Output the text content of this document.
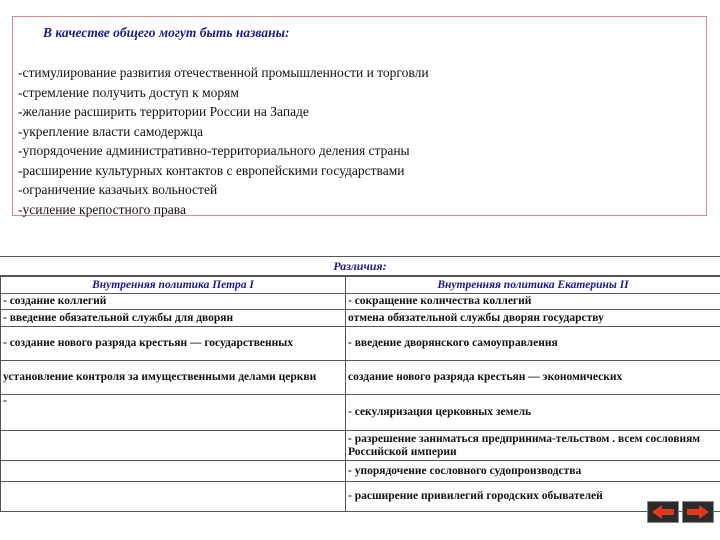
В качестве общего могут быть названы:
-стимулирование развития отечественной промышленности и торговли
-стремление получить доступ к морям
-желание расширить территории России на Западе
-укрепление власти самодержца
-упорядочение административно-территориального деления страны
-расширение культурных контактов с европейскими государствами
-ограничение казачьих вольностей
-усиление крепостного права
Различия:
Внутренняя политика Петра I	Внутренняя политика Екатерины II
- создание коллегий	- сокращение количества коллегий
- введение обязательной службы для дворян	отмена обязательной службы дворян государству
- создание нового разряда крестьян — государственных	- введение дворянского самоуправления
установление контроля за имущественными делами церкви	создание нового разряда крестьян — экономических
-	- секуляризация церковных земель
	- разрешение заниматься предпринима-тельством . всем сословиям Российской империи
	- упорядочение сословного судопроизводства
	- расширение привилегий городских обывателей
